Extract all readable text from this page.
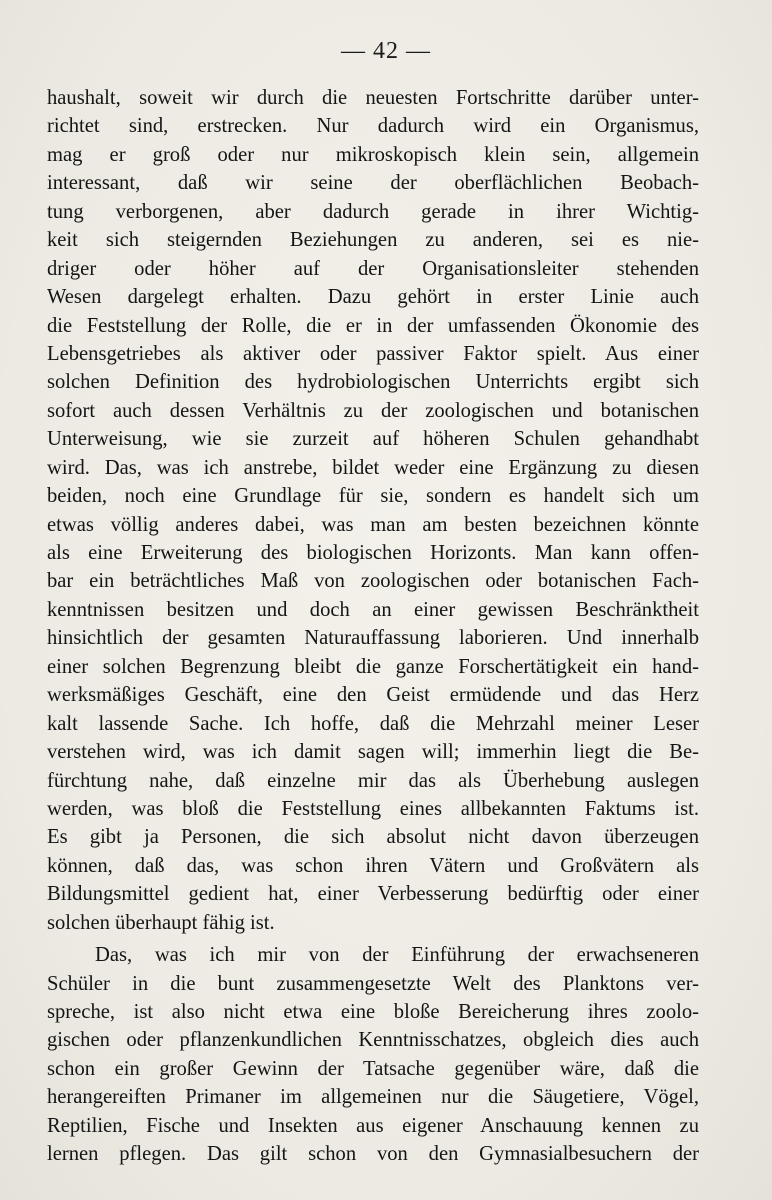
— 42 —
haushalt, soweit wir durch die neuesten Fortschritte darüber unter-
richtet sind, erstrecken. Nur dadurch wird ein Organismus,
mag er groß oder nur mikroskopisch klein sein, allgemein
interessant, daß wir seine der oberflächlichen Beobach-
tung verborgenen, aber dadurch gerade in ihrer Wichtig-
keit sich steigernden Beziehungen zu anderen, sei es nie-
driger oder höher auf der Organisationsleiter stehenden
Wesen dargelegt erhalten. Dazu gehört in erster Linie auch
die Feststellung der Rolle, die er in der umfassenden Ökonomie des
Lebensgetriebes als aktiver oder passiver Faktor spielt. Aus einer
solchen Definition des hydrobiologischen Unterrichts ergibt sich
sofort auch dessen Verhältnis zu der zoologischen und botanischen
Unterweisung, wie sie zurzeit auf höheren Schulen gehandhabt
wird. Das, was ich anstrebe, bildet weder eine Ergänzung zu diesen
beiden, noch eine Grundlage für sie, sondern es handelt sich um
etwas völlig anderes dabei, was man am besten bezeichnen könnte
als eine Erweiterung des biologischen Horizonts. Man kann offen-
bar ein beträchtliches Maß von zoologischen oder botanischen Fach-
kenntnissen besitzen und doch an einer gewissen Beschränktheit
hinsichtlich der gesamten Naturauffassung laborieren. Und innerhalb
einer solchen Begrenzung bleibt die ganze Forschertätigkeit ein hand-
werksmäßiges Geschäft, eine den Geist ermüdende und das Herz
kalt lassende Sache. Ich hoffe, daß die Mehrzahl meiner Leser
verstehen wird, was ich damit sagen will; immerhin liegt die Be-
fürchtung nahe, daß einzelne mir das als Überhebung auslegen
werden, was bloß die Feststellung eines allbekannten Faktums ist.
Es gibt ja Personen, die sich absolut nicht davon überzeugen
können, daß das, was schon ihren Vätern und Großvätern als
Bildungsmittel gedient hat, einer Verbesserung bedürftig oder einer
solchen überhaupt fähig ist.
Das, was ich mir von der Einführung der erwachseneren
Schüler in die bunt zusammengesetzte Welt des Planktons ver-
spreche, ist also nicht etwa eine bloße Bereicherung ihres zoolo-
gischen oder pflanzenkundlichen Kenntnisschatzes, obgleich dies auch
schon ein großer Gewinn der Tatsache gegenüber wäre, daß die
herangereiften Primaner im allgemeinen nur die Säugetiere, Vögel,
Reptilien, Fische und Insekten aus eigener Anschauung kennen zu
lernen pflegen. Das gilt schon von den Gymnasialbesuchern der
